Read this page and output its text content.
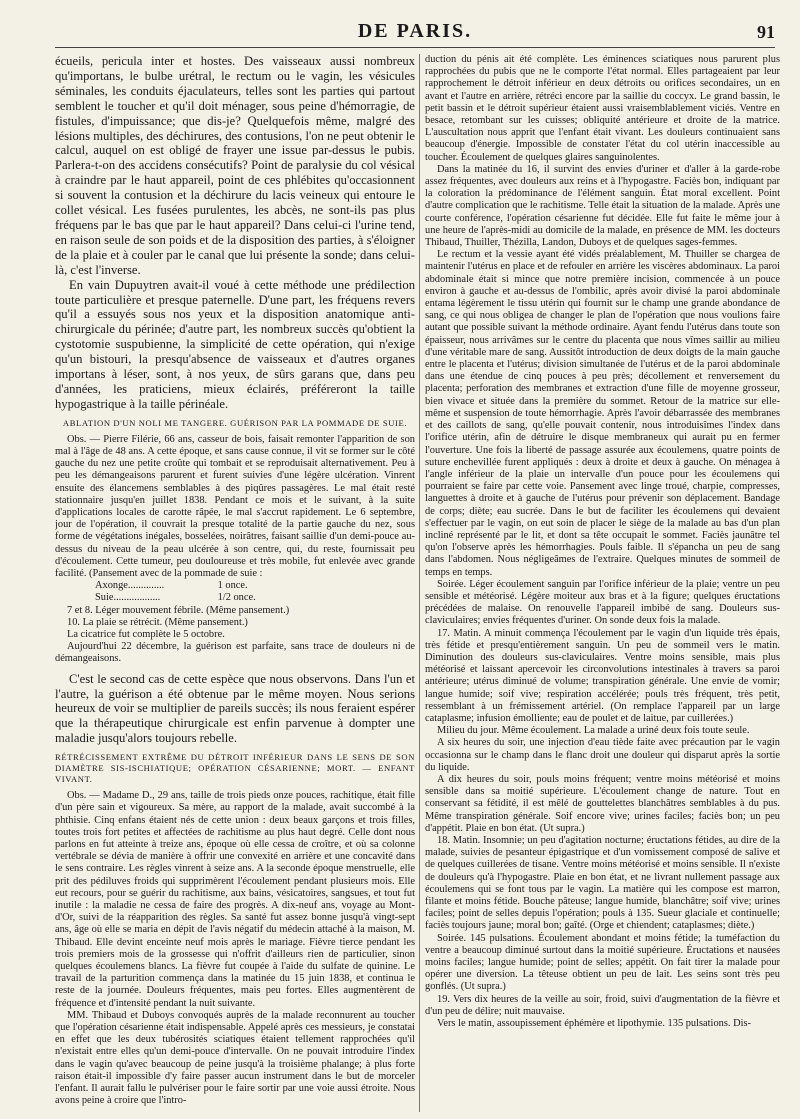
DE PARIS.	91

écueils, pericula inter et hostes. Des vaisseaux aussi nombreux qu'importans, le bulbe urétral, le rectum ou le vagin, les vésicules séminales, les conduits éjaculateurs, telles sont les parties qui partout semblent le toucher et qu'il doit ménager, sous peine d'hémorragie, de fistules, d'impuissance; que dis-je? Quelquefois même, malgré des lésions multiples, des déchirures, des contusions, l'on ne peut obtenir le calcul, auquel on est obligé de frayer une issue par-dessus le pubis. Parlera-t-on des accidens consécutifs? Point de paralysie du col vésical à craindre par le haut appareil, point de ces phlébites qu'occasionnent si souvent la contusion et la déchirure du lacis veineux qui entoure le collet vésical. Les fusées purulentes, les abcès, ne sont-ils pas plus fréquens par le bas que par le haut appareil? Dans celui-ci l'urine tend, en raison seule de son poids et de la disposition des parties, à s'éloigner de la plaie et à couler par le canal que lui présente la sonde; dans celui-là, c'est l'inverse.

En vain Dupuytren avait-il voué à cette méthode une prédilection toute particulière et presque paternelle. D'une part, les fréquens revers qu'il a essuyés sous nos yeux et la disposition anatomique anti-chirurgicale du périnée; d'autre part, les nombreux succès qu'obtient la cystotomie suspubienne, la simplicité de cette opération, qui n'exige qu'un bistouri, la presqu'absence de vaisseaux et d'autres organes importans à léser, sont, à nos yeux, de sûrs garans que, dans peu d'années, les praticiens, mieux éclairés, préféreront la taille hypogastrique à la taille périnéale.

ABLATION D'UN NOLI ME TANGERE. GUÉRISON PAR LA POMMADE DE SUIE.

Obs. — Pierre Filérie, 66 ans, casseur de bois, faisait remonter l'apparition de son mal à l'âge de 48 ans. A cette époque, et sans cause connue, il vit se former sur le côté gauche du nez une petite croûte qui tombait et se reproduisait alternativement. Peu à peu les démangeaisons parurent et furent suivies d'une légère ulcération. Vinrent ensuite des élancemens semblables à des piqûres passagères. Le mal était resté stationnaire jusqu'en juillet 1838. Pendant ce mois et le suivant, à la suite d'applications locales de carotte râpée, le mal s'accrut rapidement. Le 6 septembre, jour de l'opération, il couvrait la presque totalité de la partie gauche du nez, sous forme de végétations inégales, bosselées, noirâtres, faisant saillie d'un demi-pouce au-dessus du niveau de la peau ulcérée à son centre, qui, du reste, fournissait peu d'écoulement. Cette tumeur, peu douloureuse et très mobile, fut enlevée avec grande facilité. (Pansement avec de la pommade de suie :

Axonge..............	1 once.
Suie..................	1/2 once.

7 et 8. Léger mouvement fébrile. (Même pansement.)

10. La plaie se rétrécit. (Même pansement.)

La cicatrice fut complète le 5 octobre.

Aujourd'hui 22 décembre, la guérison est parfaite, sans trace de douleurs ni de démangeaisons.

C'est le second cas de cette espèce que nous observons. Dans l'un et l'autre, la guérison a été obtenue par le même moyen. Nous serions heureux de voir se multiplier de pareils succès; ils nous feraient espérer que la thérapeutique chirurgicale est enfin parvenue à dompter une maladie jusqu'alors toujours rebelle.

RÉTRÉCISSEMENT EXTRÊME DU DÉTROIT INFÉRIEUR DANS LE SENS DE SON DIAMÈTRE SIS-ISCHIATIQUE; OPÉRATION CÉSARIENNE; MORT. — ENFANT VIVANT.

Obs. — Madame D., 29 ans, taille de trois pieds onze pouces, rachitique, était fille d'un père sain et vigoureux. Sa mère, au rapport de la malade, avait succombé à la phthisie. Cinq enfans étaient nés de cette union : deux beaux garçons et trois filles, toutes trois fort petites et affectées de rachitisme au plus haut degré. Celle dont nous parlons en fut atteinte à treize ans, époque où elle cessa de croître, et où sa colonne vertébrale se dévia de manière à offrir une convexité en arrière et une concavité dans le sens contraire. Les règles vinrent à seize ans. A la seconde époque menstruelle, elle prit des pédiluves froids qui supprimèrent l'écoulement pendant plusieurs mois. Elle eut recours, pour se guérir du rachitisme, aux bains, vésicatoires, sangsues, et tout fut inutile : la maladie ne cessa de faire des progrès. A dix-neuf ans, voyage au Mont-d'Or, suivi de la réapparition des règles. Sa santé fut assez bonne jusqu'à vingt-sept ans, âge où elle se maria en dépit de l'avis négatif du médecin attaché à la maison, M. Thibaud. Elle devint enceinte neuf mois après le mariage. Fièvre tierce pendant les trois premiers mois de la grossesse qui n'offrit d'ailleurs rien de particulier, sinon quelques écoulemens blancs. La fièvre fut coupée à l'aide du sulfate de quinine. Le travail de la parturition commença dans la matinée du 15 juin 1838, et continua le reste de la journée. Douleurs fréquentes, mais peu fortes. Elles augmentèrent de fréquence et d'intensité pendant la nuit suivante.

MM. Thibaud et Duboys convoqués auprès de la malade reconnurent au toucher que l'opération césarienne était indispensable. Appelé après ces messieurs, je constatai en effet que les deux tubérosités sciatiques étaient tellement rapprochées qu'il n'existait entre elles qu'un demi-pouce d'intervalle. On ne pouvait introduire l'index dans le vagin qu'avec beaucoup de peine jusqu'à la troisième phalange; à plus forte raison était-il impossible d'y faire passer aucun instrument dans le but de morceler l'enfant. Il aurait fallu le pulvériser pour le faire sortir par une voie aussi étroite. Nous avons peine à croire que l'intro-

duction du pénis ait été complète. Les éminences sciatiques nous parurent plus rapprochées du pubis que ne le comporte l'état normal. Elles partageaient par leur rapprochement le détroit inférieur en deux détroits ou orifices secondaires, un en avant et l'autre en arrière, rétréci encore par la saillie du coccyx. Le grand bassin, le petit bassin et le détroit supérieur étaient aussi vraisemblablement viciés. Ventre en besace, retombant sur les cuisses; obliquité antérieure et droite de la matrice. L'auscultation nous apprit que l'enfant était vivant. Les douleurs continuaient sans beaucoup d'énergie. Impossible de constater l'état du col utérin inaccessible au toucher. Écoulement de quelques glaires sanguinolentes.

Dans la matinée du 16, il survint des envies d'uriner et d'aller à la garde-robe assez fréquentes, avec douleurs aux reins et à l'hypogastre. Faciès bon, indiquant par la coloration la prédominance de l'élément sanguin. État moral excellent. Point d'autre complication que le rachitisme. Telle était la situation de la malade. Après une courte conférence, l'opération césarienne fut décidée. Elle fut faite le même jour à une heure de l'après-midi au domicile de la malade, en présence de MM. les docteurs Thibaud, Thuiller, Thézilla, Landon, Duboys et de quelques sages-femmes.

Le rectum et la vessie ayant été vidés préalablement, M. Thuiller se chargea de maintenir l'utérus en place et de refouler en arrière les viscères abdominaux. La paroi abdominale était si mince que notre première incision, commencée à un pouce environ à gauche et au-dessus de l'ombilic, après avoir divisé la paroi abdominale entama légèrement le tissu utérin qui fournit sur le champ une grande abondance de sang, ce qui nous obligea de changer le plan de l'opération que nous voulions faire autant que possible suivant la méthode ordinaire. Ayant fendu l'utérus dans toute son épaisseur, nous arrivâmes sur le centre du placenta que nous vîmes saillir au milieu d'une véritable mare de sang. Aussitôt introduction de deux doigts de la main gauche entre le placenta et l'utérus; division simultanée de l'utérus et de la paroi abdominale dans une étendue de cinq pouces à peu près; décollement et renversement du placenta; perforation des membranes et extraction d'une fille de moyenne grosseur, bien vivace et située dans la première du sommet. Retour de la matrice sur elle-même et suspension de toute hémorrhagie. Après l'avoir débarrassée des membranes et des caillots de sang, qu'elle pouvait contenir, nous introduisîmes l'index dans l'orifice utérin, afin de détruire le disque membraneux qui aurait pu en fermer l'ouverture. Une fois la liberté de passage assurée aux écoulemens, quatre points de suture enchevillée furent appliqués : deux à droite et deux à gauche. On ménagea à l'angle inférieur de la plaie un intervalle d'un pouce pour les écoulemens qui pourraient se faire par cette voie. Pansement avec linge troué, charpie, compresses, languettes à droite et à gauche de l'utérus pour prévenir son déplacement. Bandage de corps; diète; eau sucrée. Dans le but de faciliter les écoulemens qui devaient s'effectuer par le vagin, on eut soin de placer le siège de la malade au bas d'un plan incliné représenté par le lit, et dont sa tête occupait le sommet. Faciès jaunâtre tel qu'on l'observe après les hémorrhagies. Pouls faible. Il s'épancha un peu de sang dans l'abdomen. Nous négligeâmes de l'extraire. Quelques minutes de sommeil de temps en temps.

Soirée. Léger écoulement sanguin par l'orifice inférieur de la plaie; ventre un peu sensible et météorisé. Légère moiteur aux bras et à la figure; quelques éructations précédées de malaise. On renouvelle l'appareil imbibé de sang. Douleurs sus-claviculaires; envies fréquentes d'uriner. On sonde deux fois la malade.

17. Matin. A minuit commença l'écoulement par le vagin d'un liquide très épais, très fétide et presqu'entièrement sanguin. Un peu de sommeil vers le matin. Diminution des douleurs sus-claviculaires. Ventre moins sensible, mais plus météorisé et laissant apercevoir les circonvolutions intestinales à travers sa paroi antérieure; utérus diminué de volume; transpiration générale. Une envie de vomir; langue humide; soif vive; respiration accélérée; pouls très fréquent, très petit, ressemblant à un frémissement artériel. (On remplace l'appareil par un large cataplasme; infusion émolliente; eau de poulet et de laitue, par cuillerées.)

Milieu du jour. Même écoulement. La malade a uriné deux fois toute seule.

A six heures du soir, une injection d'eau tiède faite avec précaution par le vagin occasionna sur le champ dans le flanc droit une douleur qui disparut après la sortie du liquide.

A dix heures du soir, pouls moins fréquent; ventre moins météorisé et moins sensible dans sa moitié supérieure. L'écoulement change de nature. Tout en conservant sa fétidité, il est mêlé de gouttelettes blanchâtres semblables à du pus. Même transpiration générale. Soif encore vive; urines faciles; faciès bon; un peu d'appétit. Plaie en bon état. (Ut supra.)

18. Matin. Insomnie; un peu d'agitation nocturne; éructations fétides, au dire de la malade, suivies de pesanteur épigastrique et d'un vomissement composé de salive et de quelques cuillerées de tisane. Ventre moins météorisé et moins sensible. Il n'existe de douleurs qu'à l'hypogastre. Plaie en bon état, et ne livrant nullement passage aux écoulemens qui se font tous par le vagin. La matière qui les compose est marron, filante et moins fétide. Bouche pâteuse; langue humide, blanchâtre; soif vive; urines faciles; point de selles depuis l'opération; pouls à 135. Sueur glaciale et continuelle; faciès toujours jaune; moral bon; gaîté. (Orge et chiendent; cataplasmes; diète.)

Soirée. 145 pulsations. Écoulement abondant et moins fétide; la tuméfaction du ventre a beaucoup diminué surtout dans la moitié supérieure. Éructations et nausées moins faciles; langue humide; point de selles; appétit. On fait tirer la malade pour opérer une diversion. La têteuse obtient un peu de lait. Les seins sont très peu gonflés. (Ut supra.)

19. Vers dix heures de la veille au soir, froid, suivi d'augmentation de la fièvre et d'un peu de délire; nuit mauvaise.

Vers le matin, assoupissement éphémère et lipothymie. 135 pulsations. Dis-
